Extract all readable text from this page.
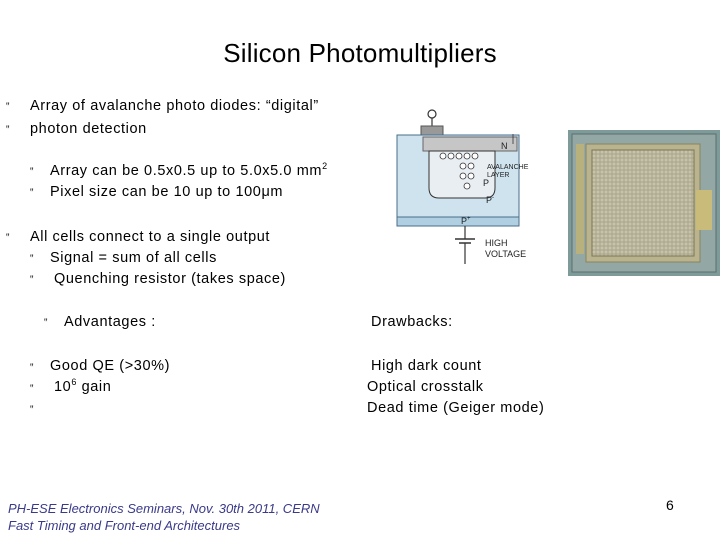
Silicon Photomultipliers
‟
‟
‟
‟
‟
‟
‟
‟
‟
‟
‟
Array of avalanche photo diodes: “digital”
photon detection
Array can be 0.5x0.5 up to 5.0x5.0 $mm^2$
Pixel size can be 10 up to 100μm
All cells connect to a single output
Signal = sum of all cells
Quenching resistor (takes space)
Advantages :
Good QE (>30%)
$10^6$ gain
Drawbacks:
High dark count
Optical crosstalk
Dead time (Geiger mode)
N
AVALANCHE
LAYER
P
P-
P+
HIGH
VOLTAGE
PH-ESE Electronics Seminars, Nov. 30th 2011, CERN
Fast Timing and Front-end Architectures
6
